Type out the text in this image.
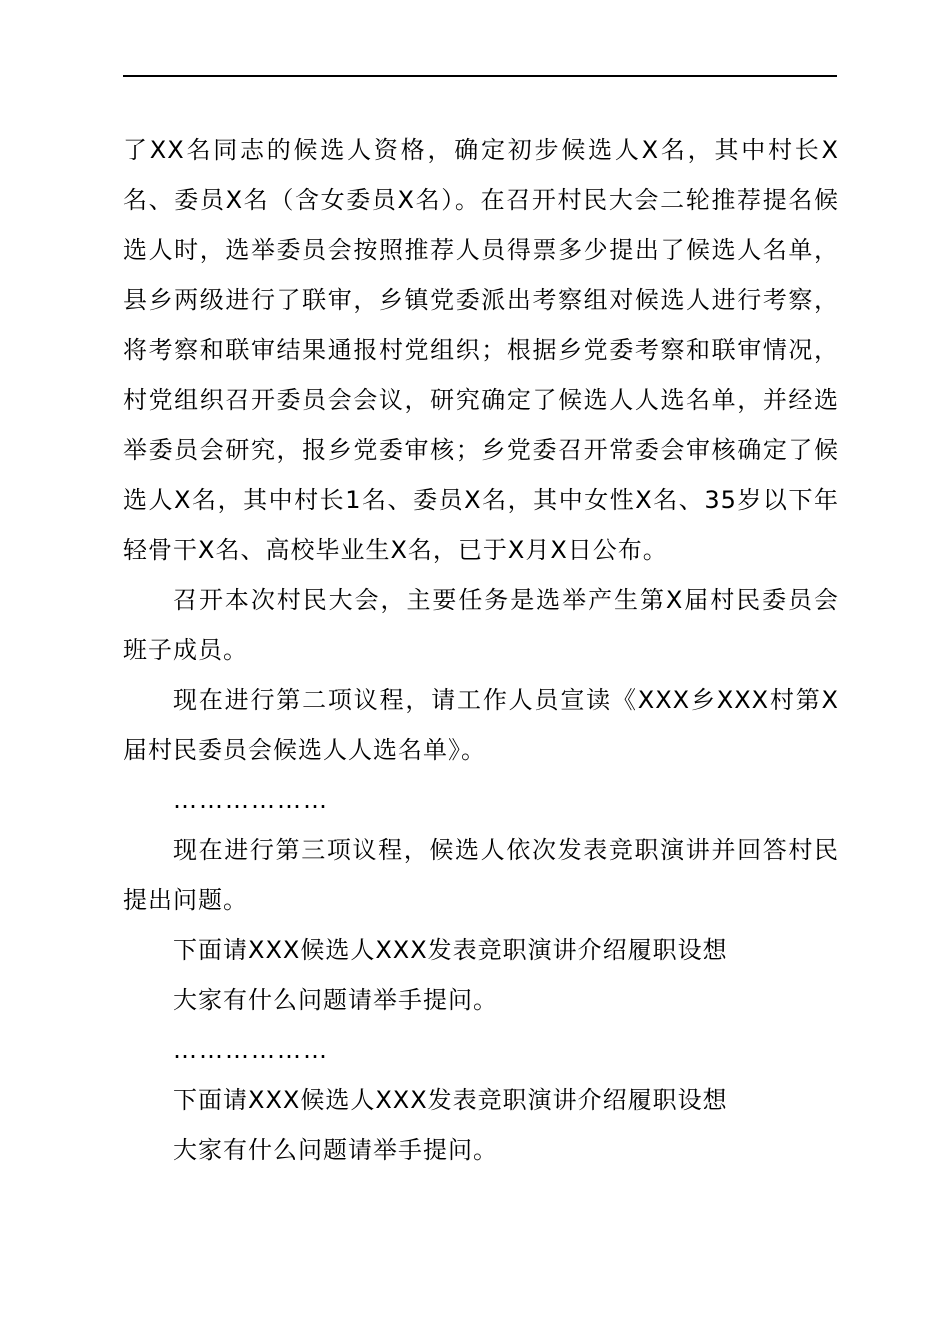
了XX名同志的候选人资格，确定初步候选人X名，其中村长X名、委员X名（含女委员X名）。在召开村民大会二轮推荐提名候选人时，选举委员会按照推荐人员得票多少提出了候选人名单，县乡两级进行了联审，乡镇党委派出考察组对候选人进行考察，将考察和联审结果通报村党组织；根据乡党委考察和联审情况，村党组织召开委员会会议，研究确定了候选人人选名单，并经选举委员会研究，报乡党委审核；乡党委召开常委会审核确定了候选人X名，其中村长1名、委员X名，其中女性X名、35岁以下年轻骨干X名、高校毕业生X名，已于X月X日公布。

召开本次村民大会，主要任务是选举产生第X届村民委员会班子成员。

现在进行第二项议程，请工作人员宣读《XXX乡XXX村第X届村民委员会候选人人选名单》。

………………

现在进行第三项议程，候选人依次发表竞职演讲并回答村民提出问题。

下面请XXX候选人XXX发表竞职演讲介绍履职设想

大家有什么问题请举手提问。

………………

下面请XXX候选人XXX发表竞职演讲介绍履职设想

大家有什么问题请举手提问。
